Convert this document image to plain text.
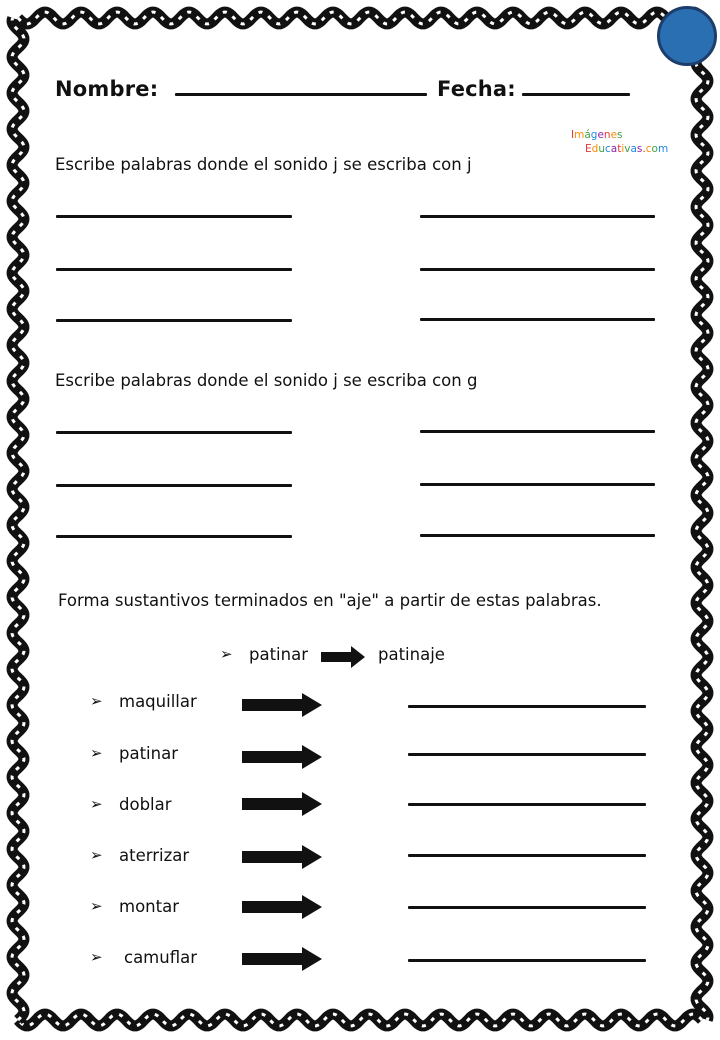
Imágenes
Educativas.com
Nombre:	Fecha:
Escribe palabras donde el sonido j se escriba con j
Escribe palabras donde el sonido j se escriba con g
Forma sustantivos terminados en "aje" a partir de estas palabras.
➢ patinar	patinaje
➢ maquillar
➢ patinar
➢ doblar
➢ aterrizar
➢ montar
➢ camuflar
